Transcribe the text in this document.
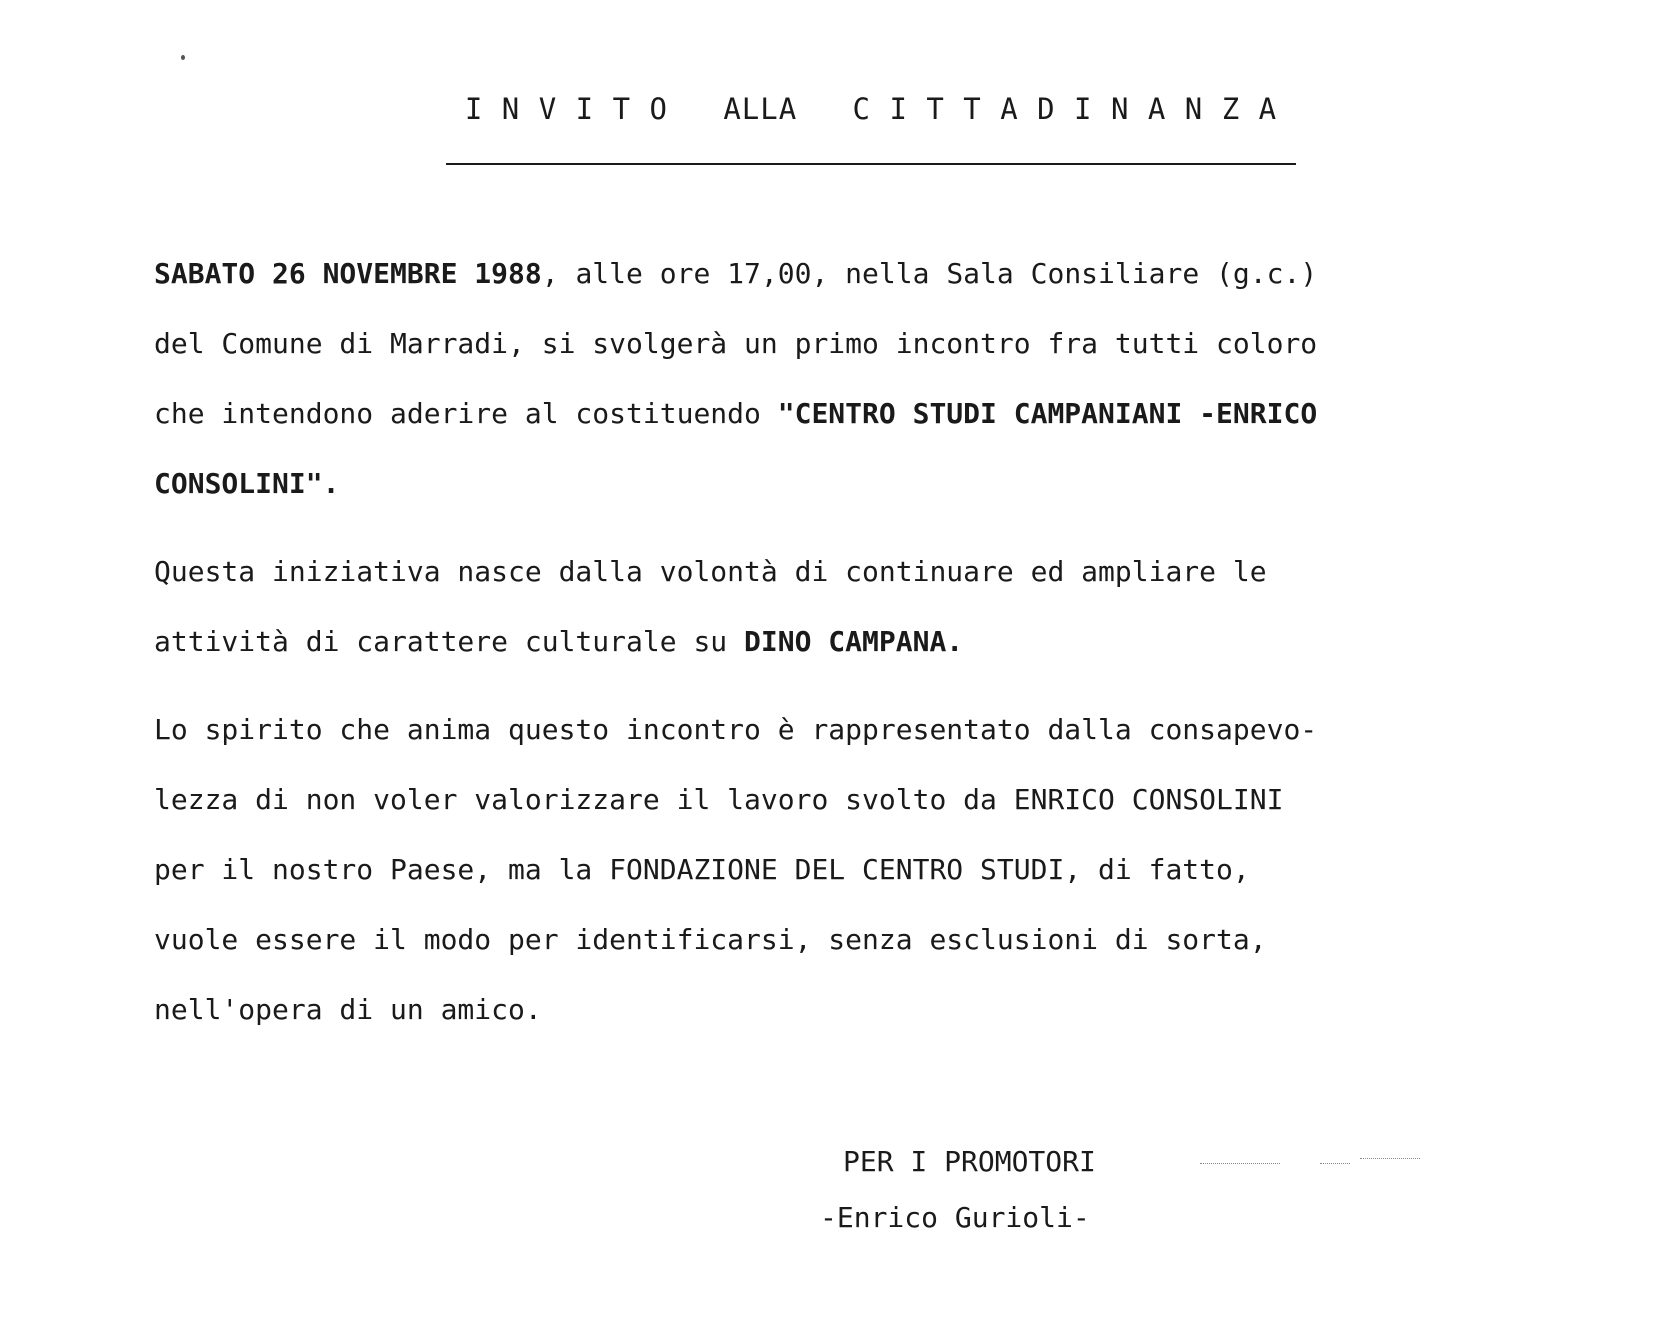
I N V I T O   ALLA   C I T T A D I N A N Z A
SABATO 26 NOVEMBRE 1988, alle ore 17,00, nella Sala Consiliare (g.c.)
del Comune di Marradi, si svolgerà un primo incontro fra tutti coloro
che intendono aderire al costituendo "CENTRO STUDI CAMPANIANI -ENRICO
CONSOLINI".
Questa iniziativa nasce dalla volontà di continuare ed ampliare le
attività di carattere culturale su DINO CAMPANA.
Lo spirito che anima questo incontro è rappresentato dalla consapevo-
lezza di non voler valorizzare il lavoro svolto da ENRICO CONSOLINI
per il nostro Paese, ma la FONDAZIONE DEL CENTRO STUDI, di fatto,
vuole essere il modo per identificarsi, senza esclusioni di sorta,
nell'opera di un amico.
PER I PROMOTORI
-Enrico Gurioli-
